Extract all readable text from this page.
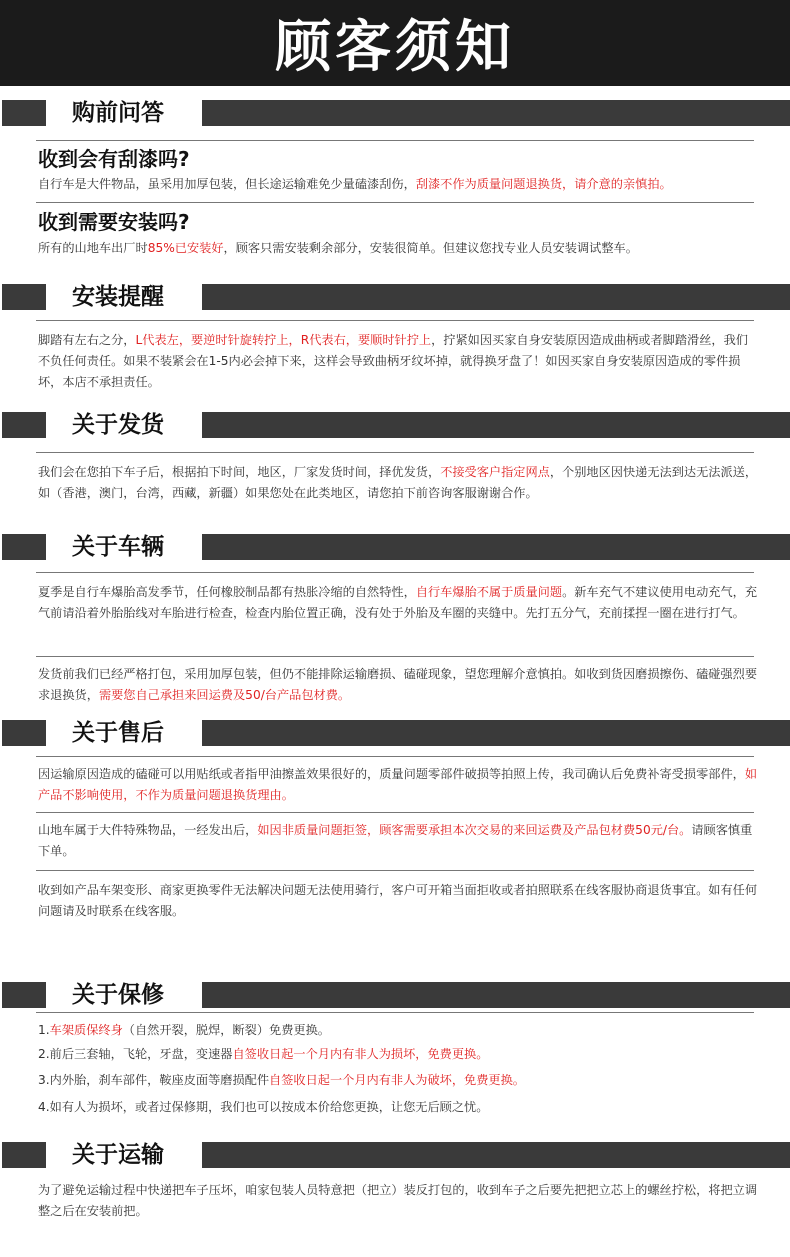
顾客须知
购前问答
收到会有刮漆吗?
自行车是大件物品，虽采用加厚包装，但长途运输难免少量磕漆刮伤，刮漆不作为质量问题退换货，请介意的亲慎拍。
收到需要安装吗?
所有的山地车出厂时85%已安装好，顾客只需安装剩余部分，安装很简单。但建议您找专业人员安装调试整车。
安装提醒
脚踏有左右之分，L代表左，要逆时针旋转拧上，R代表右，要顺时针拧上，拧紧如因买家自身安装原因造成曲柄或者脚踏滑丝，我们不负任何责任。如果不装紧会在1-5内必会掉下来，这样会导致曲柄牙纹坏掉，就得换牙盘了！如因买家自身安装原因造成的零件损坏，本店不承担责任。
关于发货
我们会在您拍下车子后，根据拍下时间，地区，厂家发货时间，择优发货，不接受客户指定网点，个别地区因快递无法到达无法派送，如（香港，澳门，台湾，西藏，新疆）如果您处在此类地区，请您拍下前咨询客服谢谢合作。
关于车辆
夏季是自行车爆胎高发季节，任何橡胶制品都有热胀冷缩的自然特性，自行车爆胎不属于质量问题。新车充气不建议使用电动充气，充气前请沿着外胎胎线对车胎进行检查，检查内胎位置正确，没有处于外胎及车圈的夹缝中。先打五分气，充前揉捏一圈在进行打气。
发货前我们已经严格打包，采用加厚包装，但仍不能排除运输磨损、磕碰现象，望您理解介意慎拍。如收到货因磨损擦伤、磕碰强烈要求退换货，需要您自己承担来回运费及50/台产品包材费。
关于售后
因运输原因造成的磕碰可以用贴纸或者指甲油擦盖效果很好的，质量问题零部件破损等拍照上传，我司确认后免费补寄受损零部件，如产品不影响使用，不作为质量问题退换货理由。
山地车属于大件特殊物品，一经发出后，如因非质量问题拒签，顾客需要承担本次交易的来回运费及产品包材费50元/台。请顾客慎重下单。
收到如产品车架变形、商家更换零件无法解决问题无法使用骑行，客户可开箱当面拒收或者拍照联系在线客服协商退货事宜。如有任何问题请及时联系在线客服。
关于保修
1.车架质保终身（自然开裂，脱焊，断裂）免费更换。
2.前后三套轴，飞轮，牙盘，变速器自签收日起一个月内有非人为损坏，免费更换。
3.内外胎，刹车部件，鞍座皮面等磨损配件自签收日起一个月内有非人为破坏，免费更换。
4.如有人为损坏，或者过保修期，我们也可以按成本价给您更换，让您无后顾之忧。
关于运输
为了避免运输过程中快递把车子压坏，咱家包装人员特意把（把立）装反打包的，收到车子之后要先把把立芯上的螺丝拧松，将把立调整之后在安装前把。
